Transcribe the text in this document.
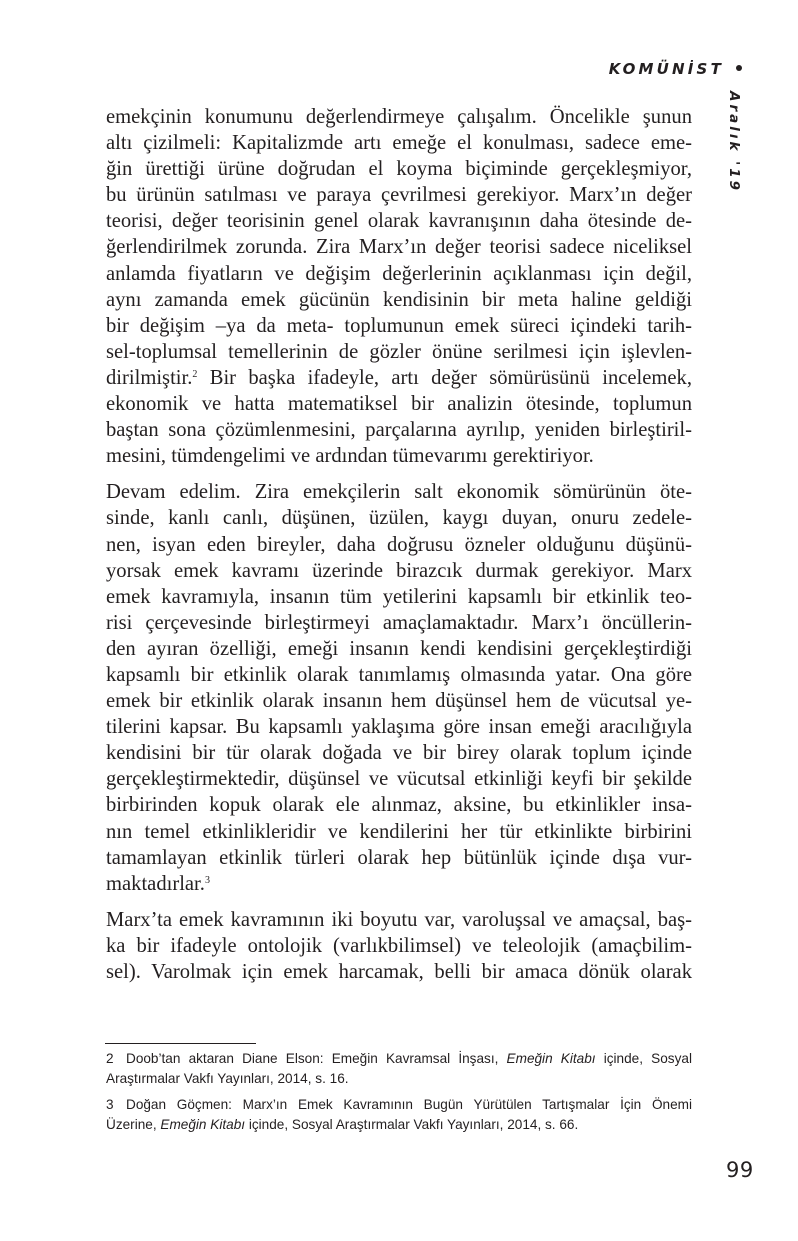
KOMÜNİST
Aralık '19

emekçinin konumunu değerlendirmeye çalışalım. Öncelikle şunun
altı çizilmeli: Kapitalizmde artı emeğe el konulması, sadece eme-
ğin ürettiği ürüne doğrudan el koyma biçiminde gerçekleşmiyor,
bu ürünün satılması ve paraya çevrilmesi gerekiyor. Marx’ın değer
teorisi, değer teorisinin genel olarak kavranışının daha ötesinde de-
ğerlendirilmek zorunda. Zira Marx’ın değer teorisi sadece niceliksel
anlamda fiyatların ve değişim değerlerinin açıklanması için değil,
aynı zamanda emek gücünün kendisinin bir meta haline geldiği
bir değişim –ya da meta- toplumunun emek süreci içindeki tarih-
sel-toplumsal temellerinin de gözler önüne serilmesi için işlevlen-
dirilmiştir.$^2$ Bir başka ifadeyle, artı değer sömürüsünü incelemek,
ekonomik ve hatta matematiksel bir analizin ötesinde, toplumun
baştan sona çözümlenmesini, parçalarına ayrılıp, yeniden birleştiril-
mesini, tümdengelimi ve ardından tümevarımı gerektiriyor.

Devam edelim. Zira emekçilerin salt ekonomik sömürünün öte-
sinde, kanlı canlı, düşünen, üzülen, kaygı duyan, onuru zedele-
nen, isyan eden bireyler, daha doğrusu özneler olduğunu düşünü-
yorsak emek kavramı üzerinde birazcık durmak gerekiyor. Marx
emek kavramıyla, insanın tüm yetilerini kapsamlı bir etkinlik teo-
risi çerçevesinde birleştirmeyi amaçlamaktadır. Marx’ı öncüllerin-
den ayıran özelliği, emeği insanın kendi kendisini gerçekleştirdiği
kapsamlı bir etkinlik olarak tanımlamış olmasında yatar. Ona göre
emek bir etkinlik olarak insanın hem düşünsel hem de vücutsal ye-
tilerini kapsar. Bu kapsamlı yaklaşıma göre insan emeği aracılığıyla
kendisini bir tür olarak doğada ve bir birey olarak toplum içinde
gerçekleştirmektedir, düşünsel ve vücutsal etkinliği keyfi bir şekilde
birbirinden kopuk olarak ele alınmaz, aksine, bu etkinlikler insa-
nın temel etkinlikleridir ve kendilerini her tür etkinlikte birbirini
tamamlayan etkinlik türleri olarak hep bütünlük içinde dışa vur-
maktadırlar.$^3$

Marx’ta emek kavramının iki boyutu var, varoluşsal ve amaçsal, baş-
ka bir ifadeyle ontolojik (varlıkbilimsel) ve teleolojik (amaçbilim-
sel). Varolmak için emek harcamak, belli bir amaca dönük olarak

2 Doob’tan aktaran Diane Elson: Emeğin Kavramsal İnşası, Emeğin Kitabı içinde, Sosyal
Araştırmalar Vakfı Yayınları, 2014, s. 16.
3 Doğan Göçmen: Marx’ın Emek Kavramının Bugün Yürütülen Tartışmalar İçin Önemi
Üzerine, Emeğin Kitabı içinde, Sosyal Araştırmalar Vakfı Yayınları, 2014, s. 66.
99
